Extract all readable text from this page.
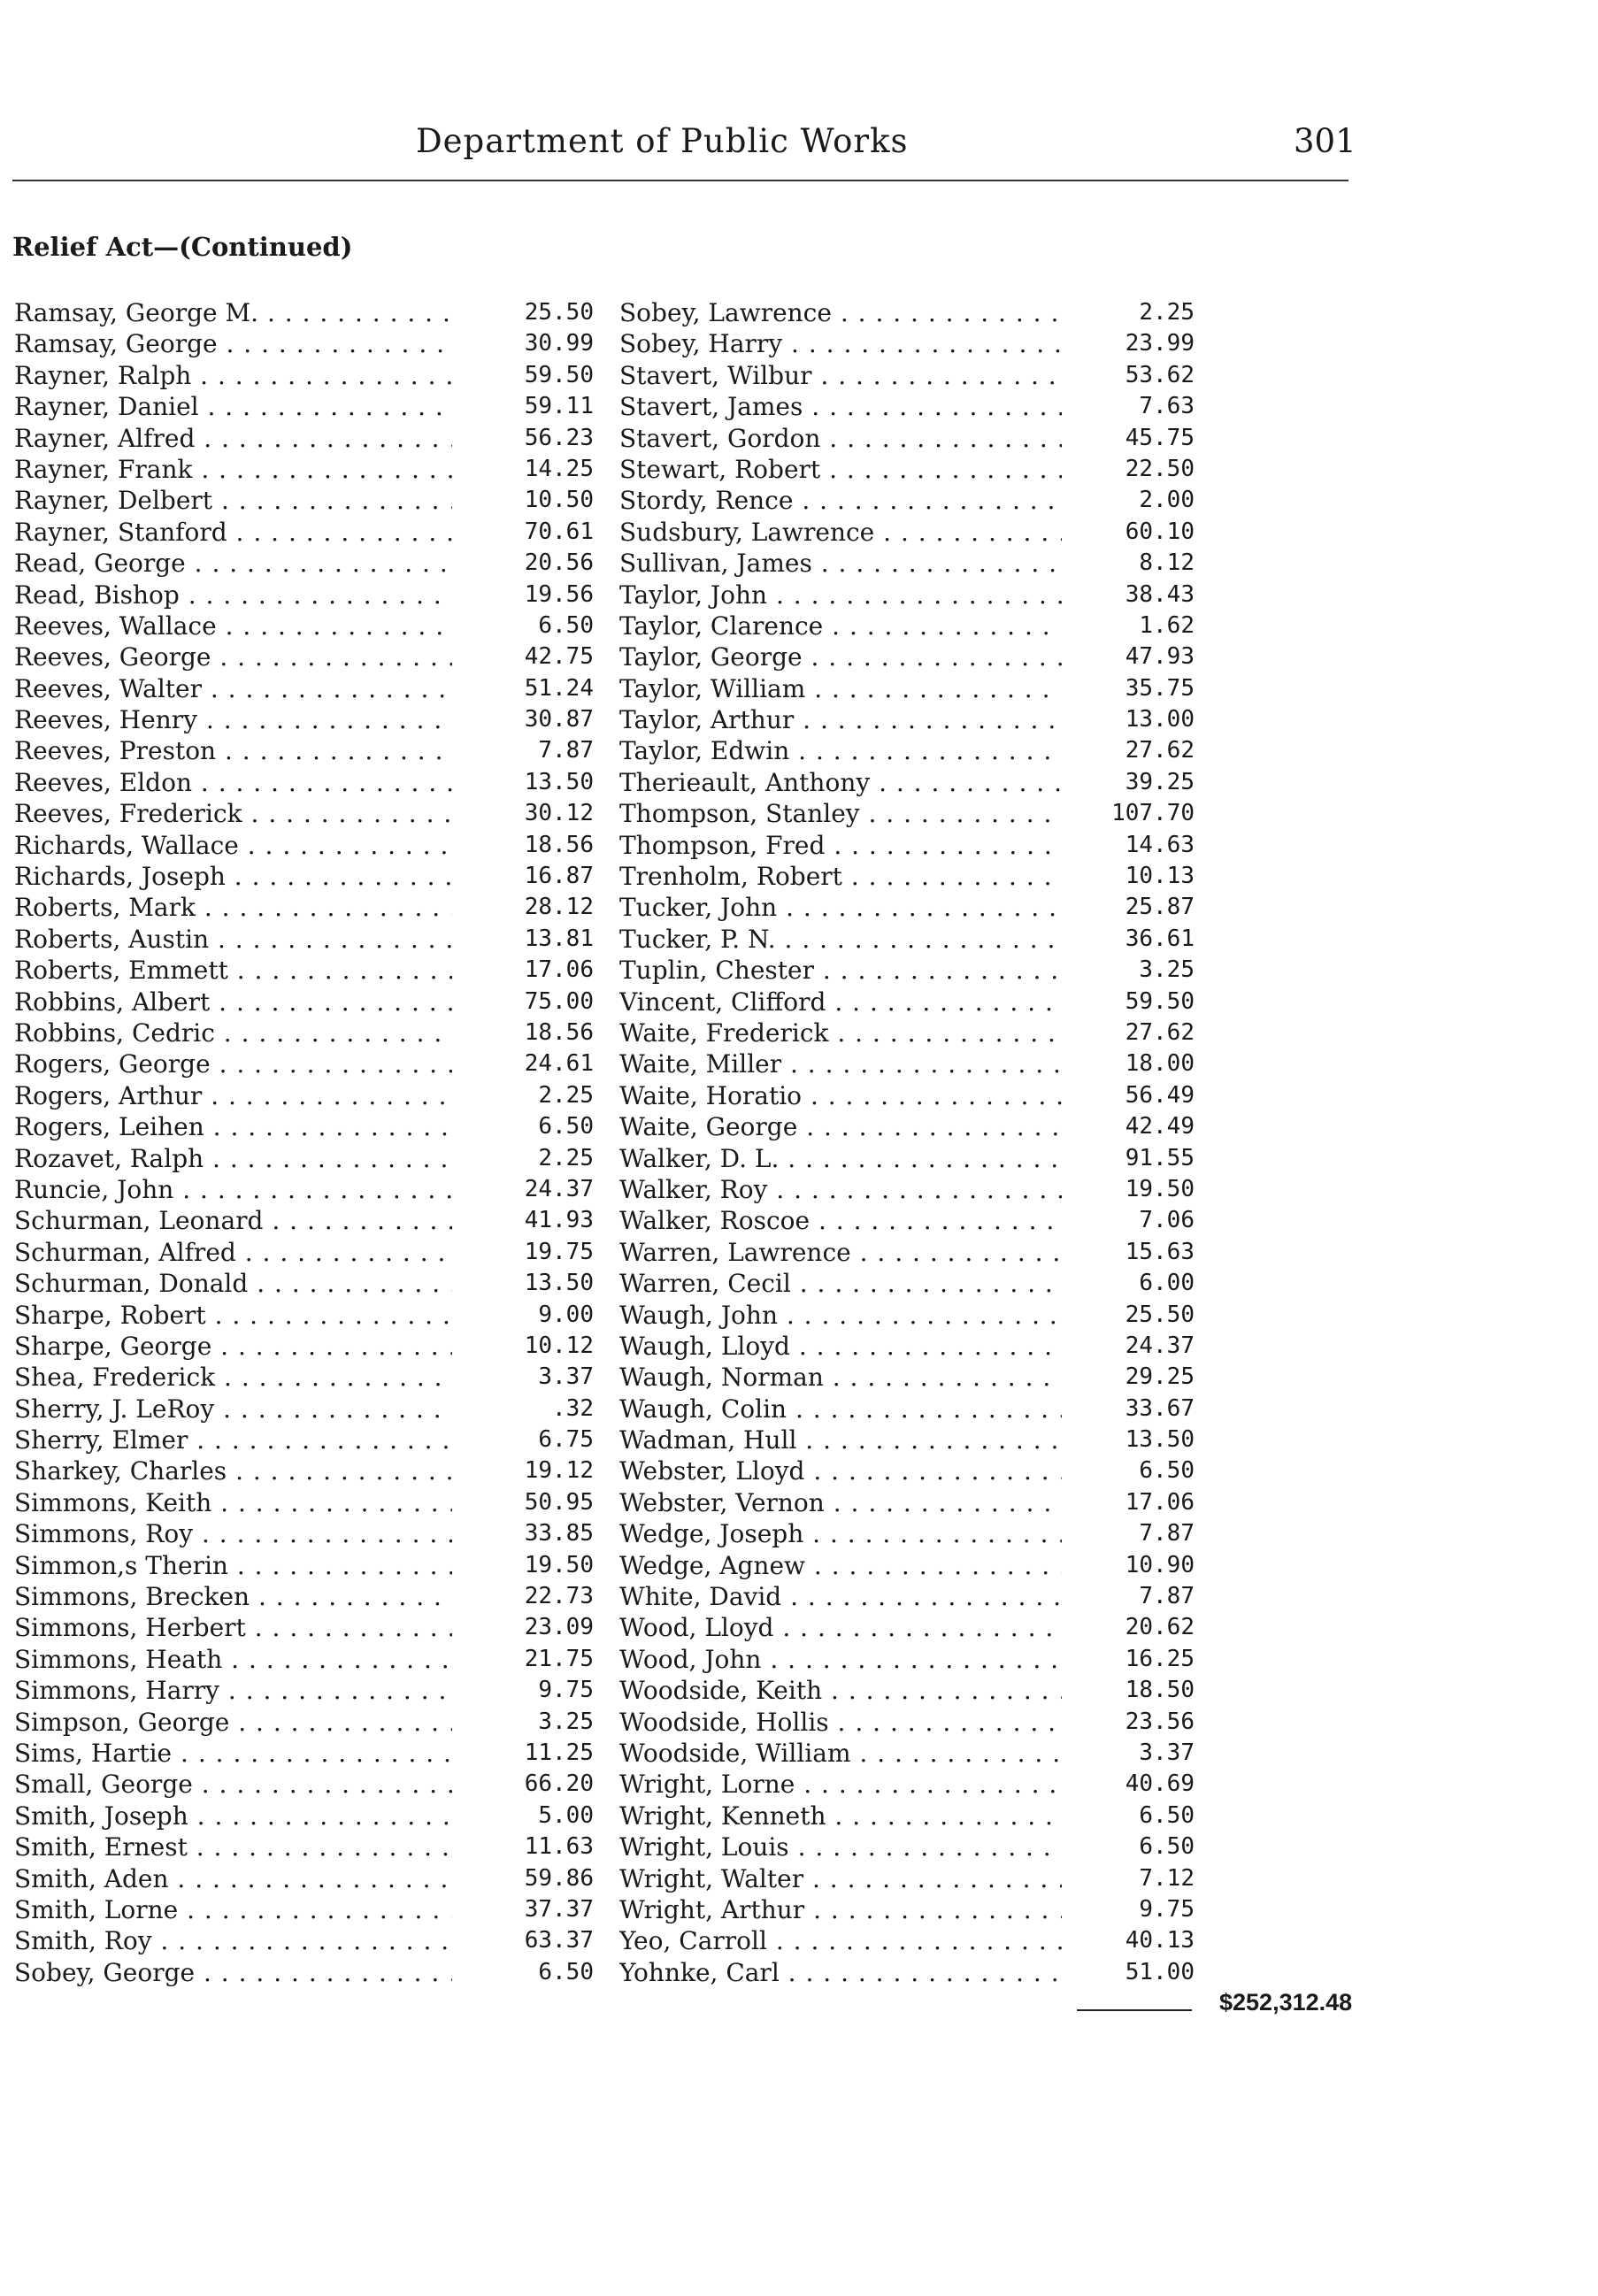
Department of Public Works	301
Relief Act—(Continued)
Ramsay, George M. . . .	25.50
Ramsay, George . . .	30.99
Rayner, Ralph . . .	59.50
Rayner, Daniel . . .	59.11
Rayner, Alfred . . .	56.23
Rayner, Frank . . .	14.25
Rayner, Delbert . . .	10.50
Rayner, Stanford . . .	70.61
Read, George . . .	20.56
Read, Bishop . . .	19.56
Reeves, Wallace . . .	6.50
Reeves, George . . .	42.75
Reeves, Walter . . .	51.24
Reeves, Henry . . .	30.87
Reeves, Preston . . .	7.87
Reeves, Eldon . . .	13.50
Reeves, Frederick . . .	30.12
Richards, Wallace . . .	18.56
Richards, Joseph . . .	16.87
Roberts, Mark . . .	28.12
Roberts, Austin . . .	13.81
Roberts, Emmett . . .	17.06
Robbins, Albert . . .	75.00
Robbins, Cedric . . .	18.56
Rogers, George . . .	24.61
Rogers, Arthur . . .	2.25
Rogers, Leihen . . .	6.50
Rozavet, Ralph . . .	2.25
Runcie, John . . .	24.37
Schurman, Leonard . . .	41.93
Schurman, Alfred . . .	19.75
Schurman, Donald . . .	13.50
Sharpe, Robert . . .	9.00
Sharpe, George . . .	10.12
Shea, Frederick . . .	3.37
Sherry, J. LeRoy . . .	.32
Sherry, Elmer . . .	6.75
Sharkey, Charles . . .	19.12
Simmons, Keith . . .	50.95
Simmons, Roy . . .	33.85
Simmon,s Therin . . .	19.50
Simmons, Brecken . . .	22.73
Simmons, Herbert . . .	23.09
Simmons, Heath . . .	21.75
Simmons, Harry . . .	9.75
Simpson, George . . .	3.25
Sims, Hartie . . .	11.25
Small, George . . .	66.20
Smith, Joseph . . .	5.00
Smith, Ernest . . .	11.63
Smith, Aden . . .	59.86
Smith, Lorne . . .	37.37
Smith, Roy . . .	63.37
Sobey, George . . .	6.50
Sobey, Lawrence . . .	2.25
Sobey, Harry . . .	23.99
Stavert, Wilbur . . .	53.62
Stavert, James . . .	7.63
Stavert, Gordon . . .	45.75
Stewart, Robert . . .	22.50
Stordy, Rence . . .	2.00
Sudsbury, Lawrence . . .	60.10
Sullivan, James . . .	8.12
Taylor, John . . .	38.43
Taylor, Clarence . . .	1.62
Taylor, George . . .	47.93
Taylor, William . . .	35.75
Taylor, Arthur . . .	13.00
Taylor, Edwin . . .	27.62
Therieault, Anthony . . .	39.25
Thompson, Stanley . . .	107.70
Thompson, Fred . . .	14.63
Trenholm, Robert . . .	10.13
Tucker, John . . .	25.87
Tucker, P. N. . . .	36.61
Tuplin, Chester . . .	3.25
Vincent, Clifford . . .	59.50
Waite, Frederick . . .	27.62
Waite, Miller . . .	18.00
Waite, Horatio . . .	56.49
Waite, George . . .	42.49
Walker, D. L. . . .	91.55
Walker, Roy . . .	19.50
Walker, Roscoe . . .	7.06
Warren, Lawrence . . .	15.63
Warren, Cecil . . .	6.00
Waugh, John . . .	25.50
Waugh, Lloyd . . .	24.37
Waugh, Norman . . .	29.25
Waugh, Colin . . .	33.67
Wadman, Hull . . .	13.50
Webster, Lloyd . . .	6.50
Webster, Vernon . . .	17.06
Wedge, Joseph . . .	7.87
Wedge, Agnew . . .	10.90
White, David . . .	7.87
Wood, Lloyd . . .	20.62
Wood, John . . .	16.25
Woodside, Keith . . .	18.50
Woodside, Hollis . . .	23.56
Woodside, William . . .	3.37
Wright, Lorne . . .	40.69
Wright, Kenneth . . .	6.50
Wright, Louis . . .	6.50
Wright, Walter . . .	7.12
Wright, Arthur . . .	9.75
Yeo, Carroll . . .	40.13
Yohnke, Carl . . .	51.00
$252,312.48
